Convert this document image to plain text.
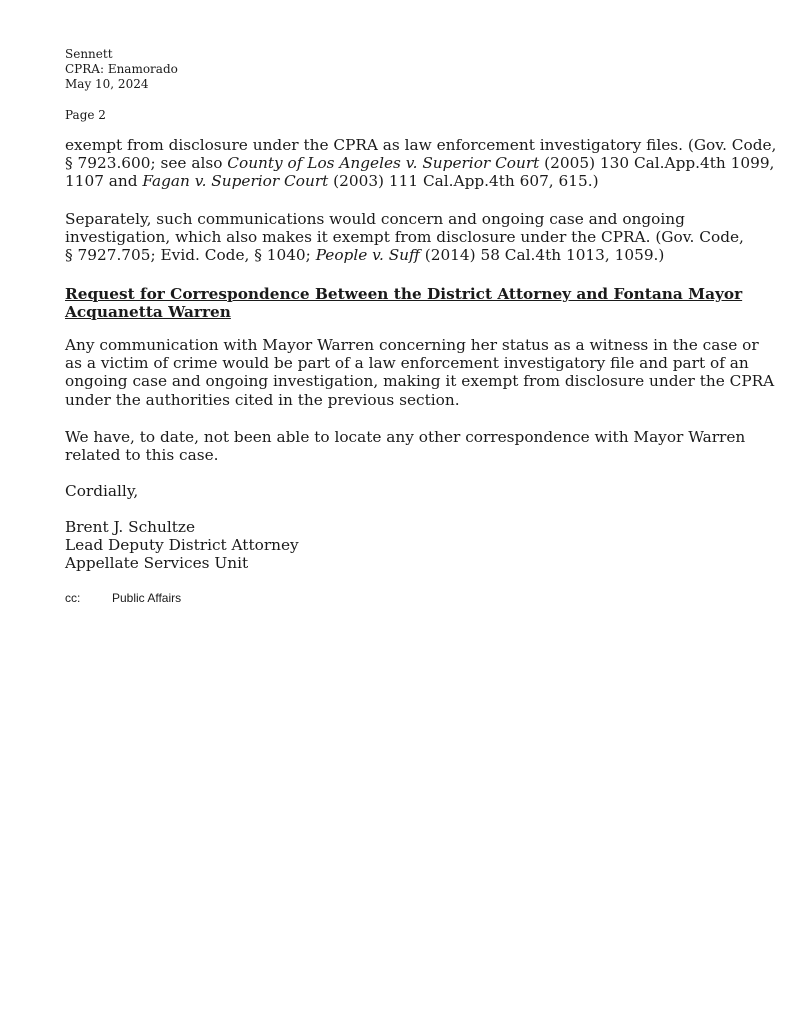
Sennett
CPRA: Enamorado
May 10, 2024
Page 2
exempt from disclosure under the CPRA as law enforcement investigatory files. (Gov. Code,
§ 7923.600; see also County of Los Angeles v. Superior Court (2005) 130 Cal.App.4th 1099,
1107 and Fagan v. Superior Court (2003) 111 Cal.App.4th 607, 615.)
Separately, such communications would concern and ongoing case and ongoing
investigation, which also makes it exempt from disclosure under the CPRA. (Gov. Code,
§ 7927.705; Evid. Code, § 1040; People v. Suff (2014) 58 Cal.4th 1013, 1059.)
Request for Correspondence Between the District Attorney and Fontana Mayor
Acquanetta Warren
Any communication with Mayor Warren concerning her status as a witness in the case or
as a victim of crime would be part of a law enforcement investigatory file and part of an
ongoing case and ongoing investigation, making it exempt from disclosure under the CPRA
under the authorities cited in the previous section.
We have, to date, not been able to locate any other correspondence with Mayor Warren
related to this case.
Cordially,
Brent J. Schultze
Lead Deputy District Attorney
Appellate Services Unit
cc:	Public Affairs
